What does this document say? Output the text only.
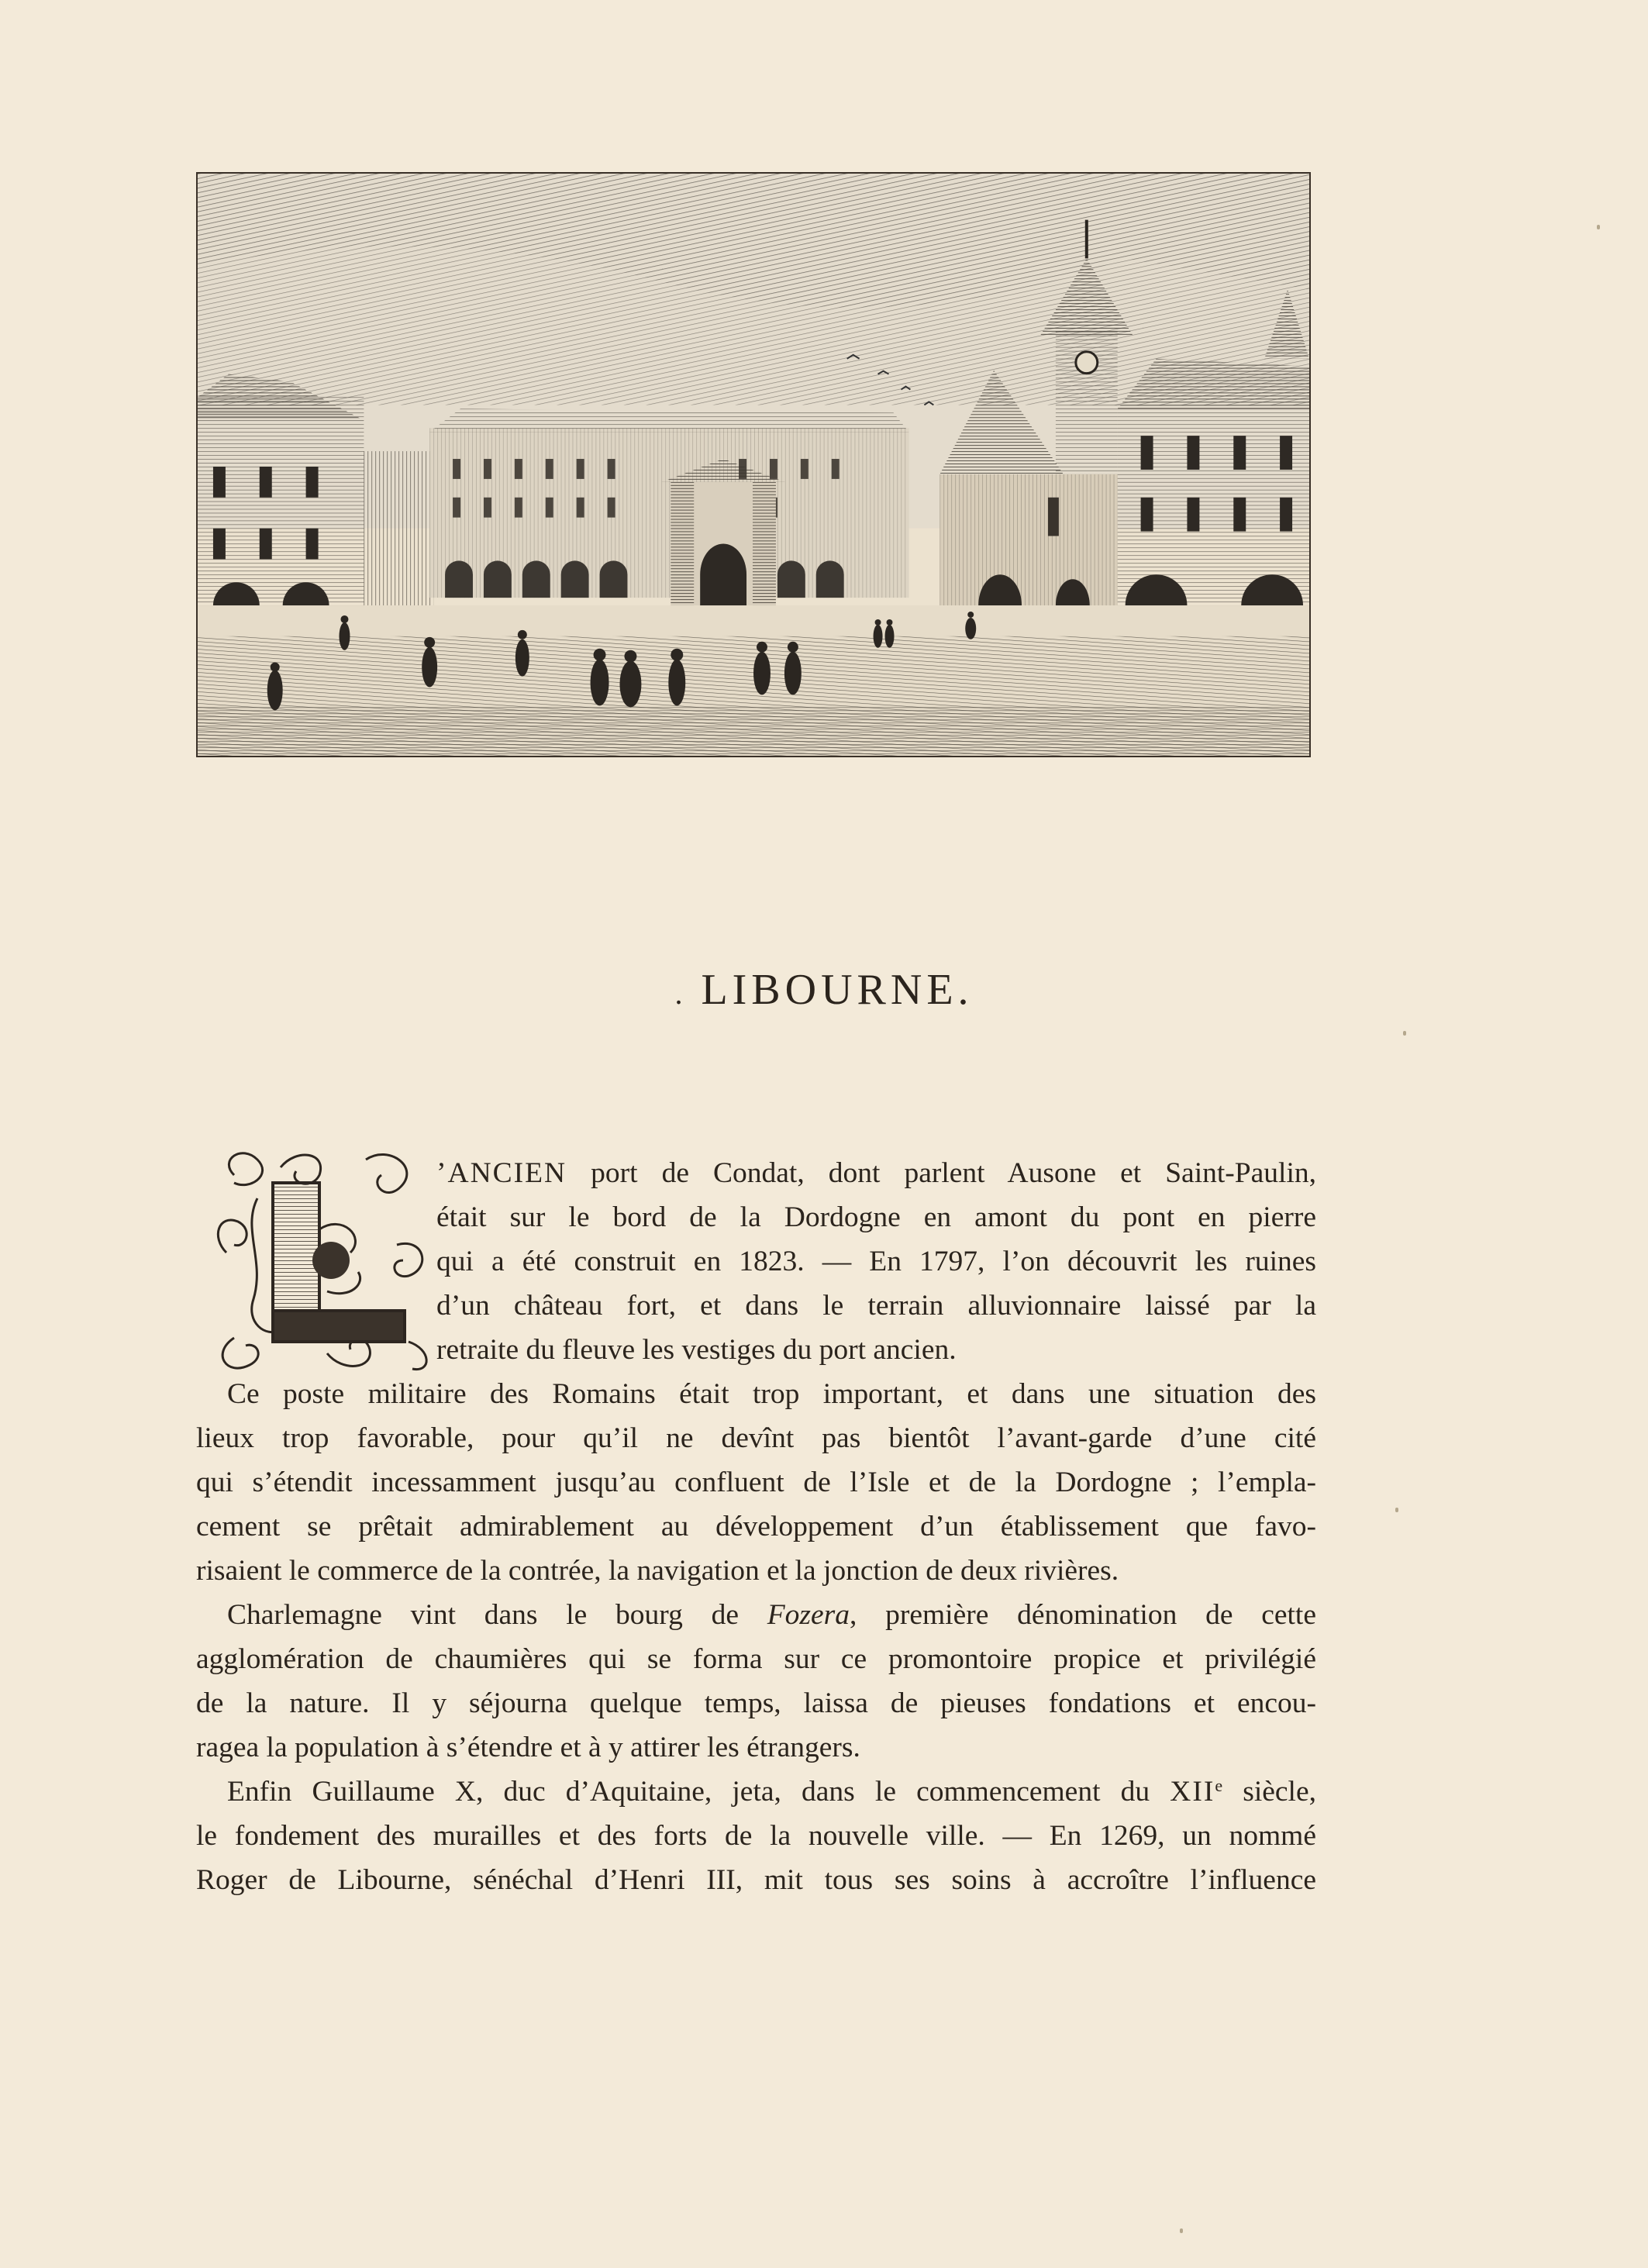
. LIBOURNE.
’ANCIEN port de Condat, dont parlent Ausone et Saint-Paulin,
était sur le bord de la Dordogne en amont du pont en pierre
qui a été construit en 1823. — En 1797, l’on découvrit les ruines
d’un château fort, et dans le terrain alluvionnaire laissé par la
retraite du fleuve les vestiges du port ancien.
Ce poste militaire des Romains était trop important, et dans une situation des
lieux trop favorable, pour qu’il ne devînt pas bientôt l’avant-garde d’une cité
qui s’étendit incessamment jusqu’au confluent de l’Isle et de la Dordogne ; l’empla-
cement se prêtait admirablement au développement d’un établissement que favo-
risaient le commerce de la contrée, la navigation et la jonction de deux rivières.
Charlemagne vint dans le bourg de Fozera, première dénomination de cette
agglomération de chaumières qui se forma sur ce promontoire propice et privilégié
de la nature. Il y séjourna quelque temps, laissa de pieuses fondations et encou-
ragea la population à s’étendre et à y attirer les étrangers.
Enfin Guillaume X, duc d’Aquitaine, jeta, dans le commencement du XIIe siècle,
le fondement des murailles et des forts de la nouvelle ville. — En 1269, un nommé
Roger de Libourne, sénéchal d’Henri III, mit tous ses soins à accroître l’influence
